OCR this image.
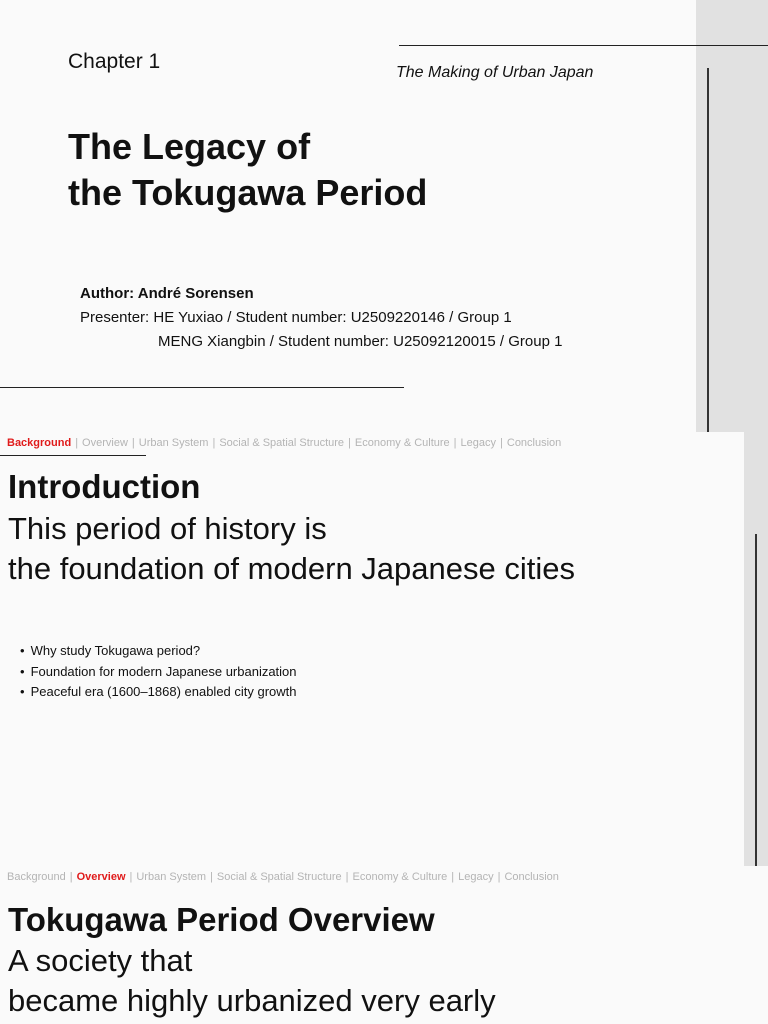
Chapter 1	The Making of Urban Japan
The Legacy of
the Tokugawa Period
Author: André Sorensen
Presenter: HE Yuxiao / Student number: U2509220146 / Group 1
MENG Xiangbin / Student number: U25092120015 / Group 1
Background | Overview | Urban System | Social & Spatial Structure | Economy & Culture | Legacy | Conclusion
Introduction
This period of history is
the foundation of modern Japanese cities
• Why study Tokugawa period?
• Foundation for modern Japanese urbanization
• Peaceful era (1600–1868) enabled city growth
Background | Overview | Urban System | Social & Spatial Structure | Economy & Culture | Legacy | Conclusion
Tokugawa Period Overview
A society that
became highly urbanized very early
